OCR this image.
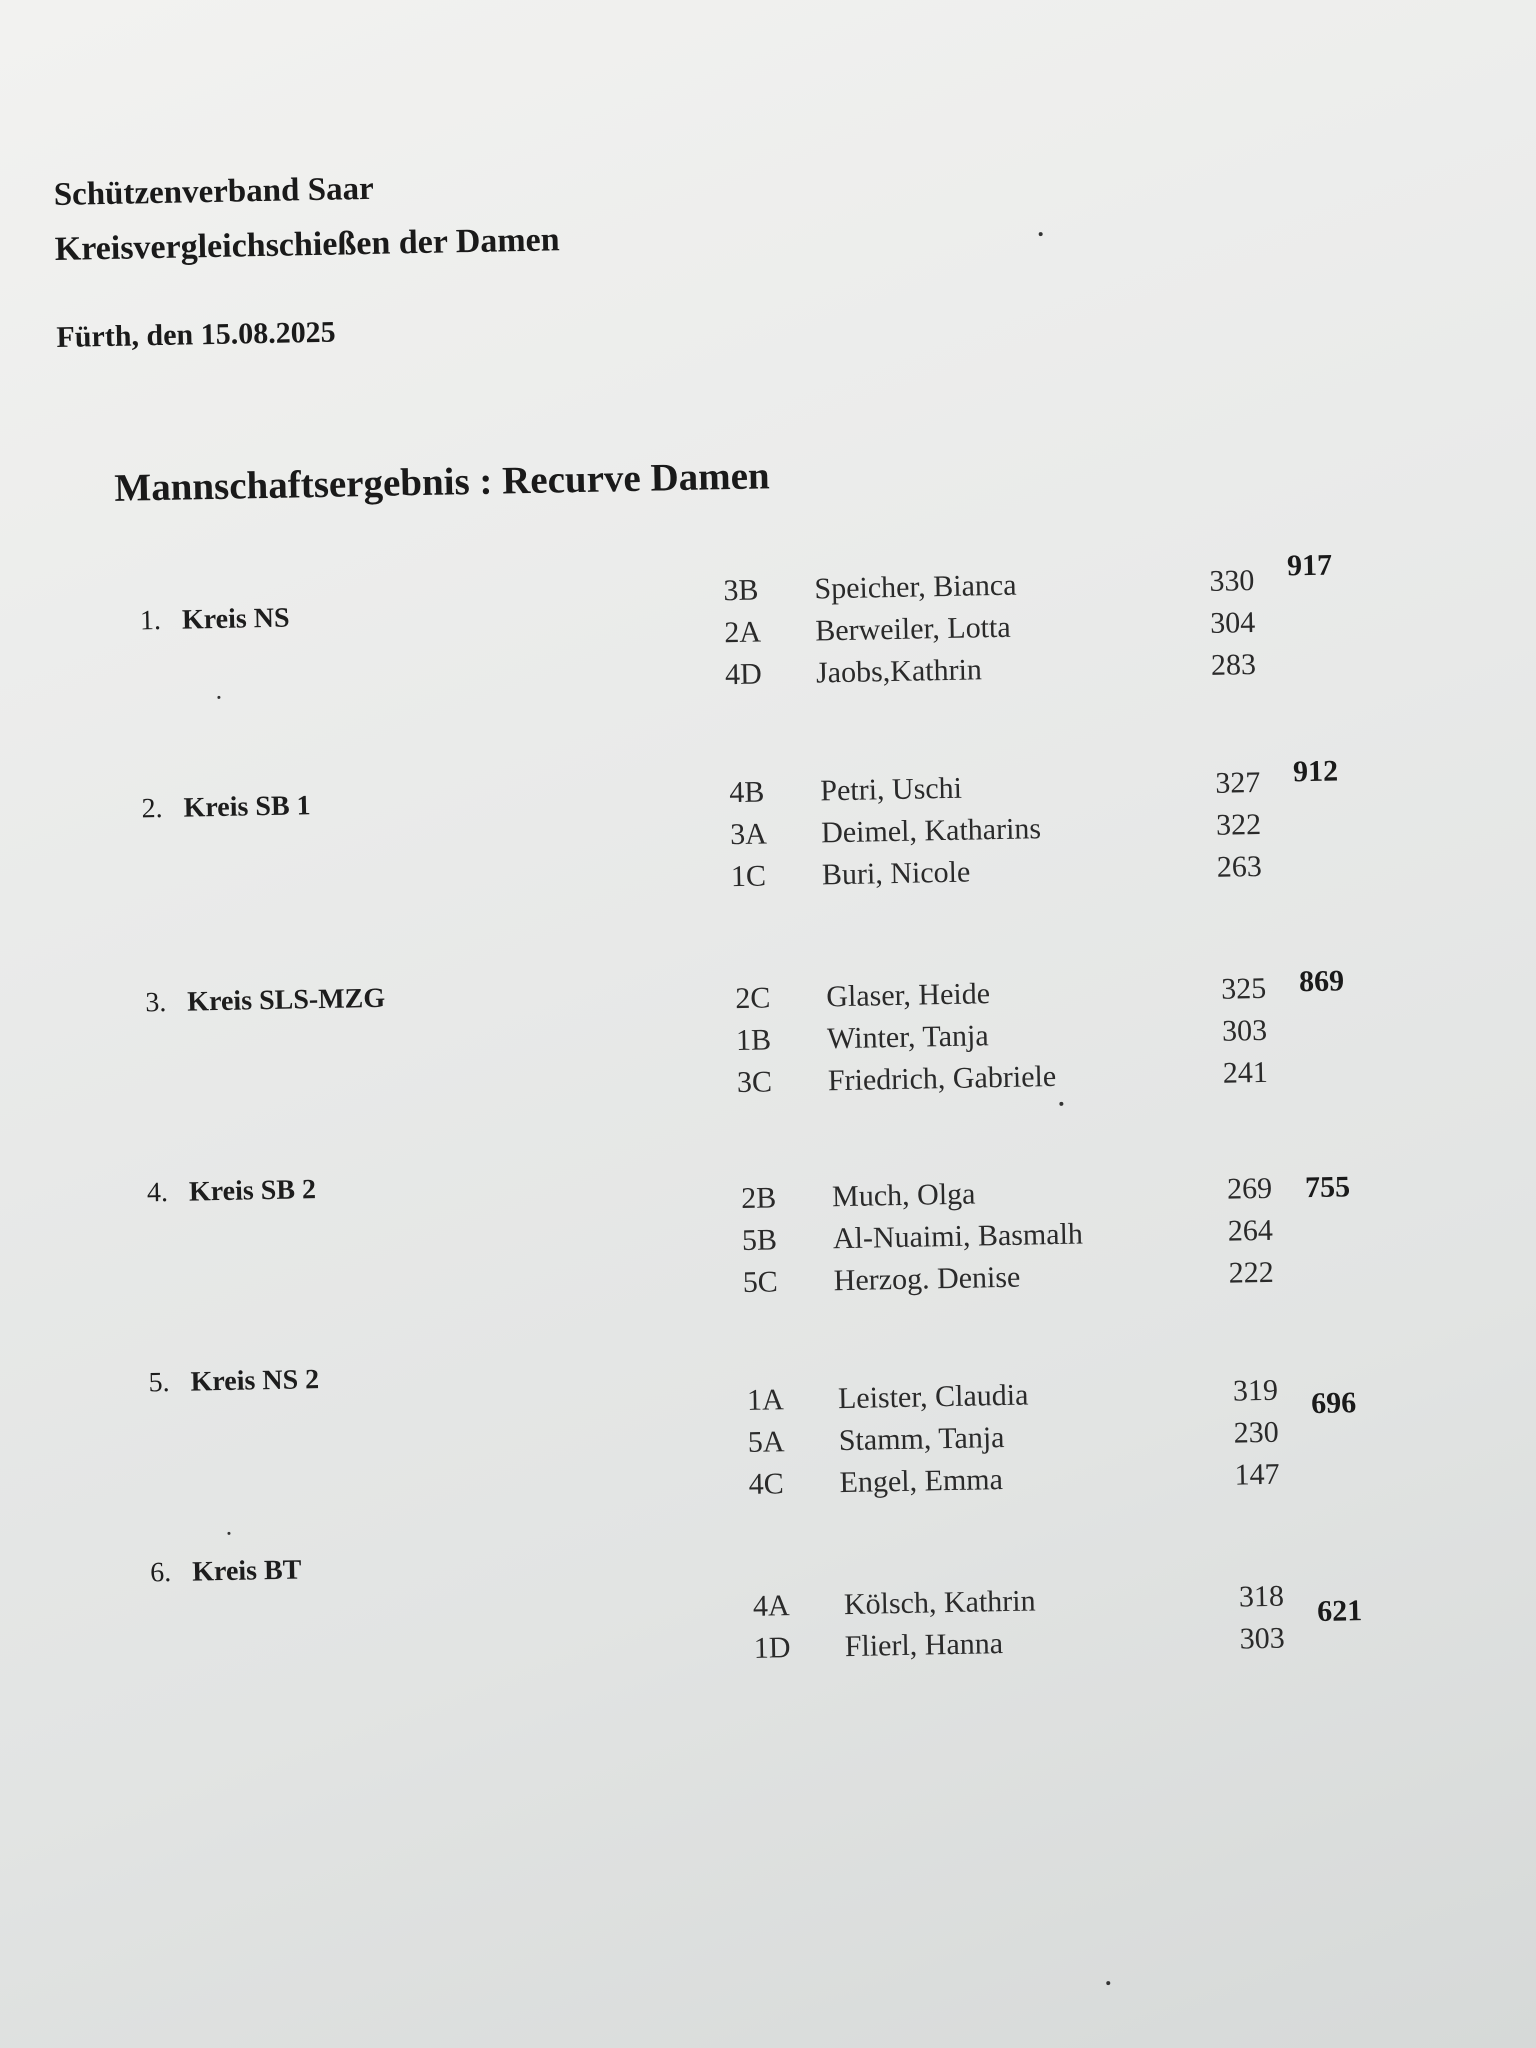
Schützenverband Saar
Kreisvergleichschießen der Damen
Fürth, den 15.08.2025
Mannschaftsergebnis : Recurve Damen
1. Kreis NS
3B Speicher, Bianca	330 917
2A Berweiler, Lotta	304
4D Jaobs,Kathrin	283
2. Kreis SB 1	4B Petri, Uschi	327 912
3A Deimel, Katharins	322
1C Buri, Nicole	263
3. Kreis SLS-MZG	2C Glaser, Heide	325 869
1B Winter, Tanja	303
3C Friedrich, Gabriele	241
4. Kreis SB 2	2B Much, Olga	269 755
5B Al-Nuaimi, Basmalh	264
5C Herzog. Denise	222
5. Kreis NS 2
1A Leister, Claudia	319 696
5A Stamm, Tanja	230
4C Engel, Emma	147
6. Kreis BT
4A Kölsch, Kathrin	318 621
1D Flierl, Hanna	303
